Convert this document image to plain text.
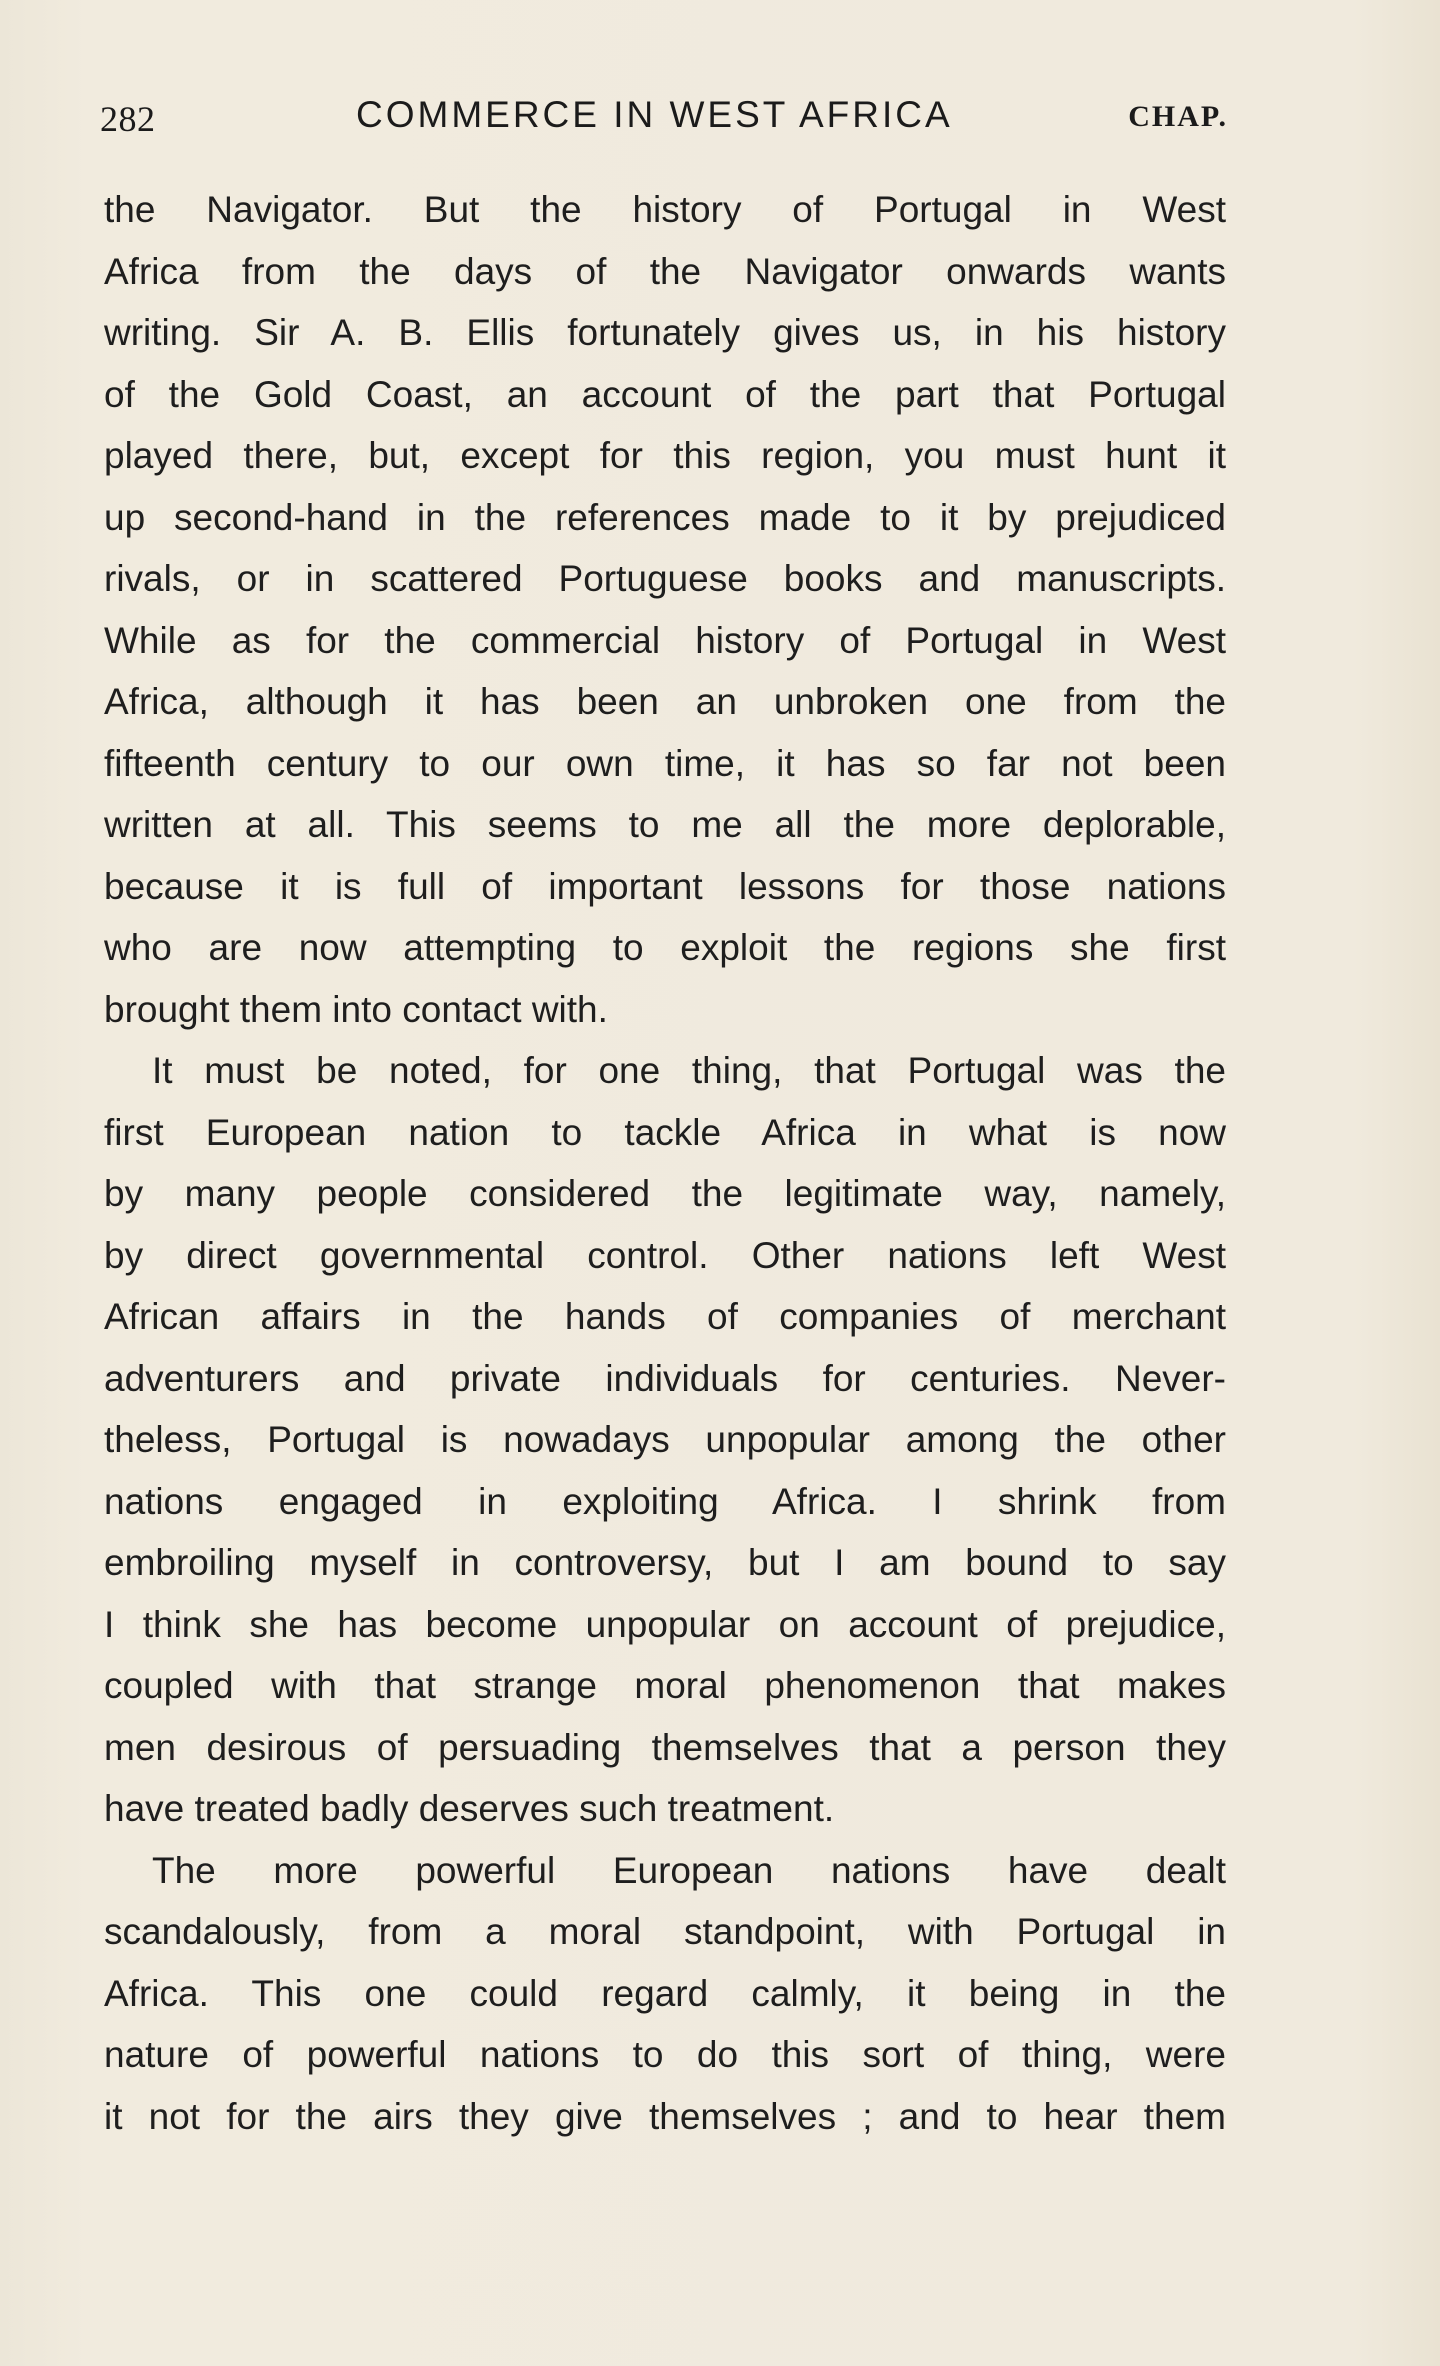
282	COMMERCE IN WEST AFRICA	CHAP.

the Navigator. But the history of Portugal in West
Africa from the days of the Navigator onwards wants
writing. Sir A. B. Ellis fortunately gives us, in his history
of the Gold Coast, an account of the part that Portugal
played there, but, except for this region, you must hunt it
up second-hand in the references made to it by prejudiced
rivals, or in scattered Portuguese books and manuscripts.
While as for the commercial history of Portugal in West
Africa, although it has been an unbroken one from the
fifteenth century to our own time, it has so far not been
written at all. This seems to me all the more deplorable,
because it is full of important lessons for those nations
who are now attempting to exploit the regions she first
brought them into contact with.

It must be noted, for one thing, that Portugal was the
first European nation to tackle Africa in what is now
by many people considered the legitimate way, namely,
by direct governmental control. Other nations left West
African affairs in the hands of companies of merchant
adventurers and private individuals for centuries. Never-
theless, Portugal is nowadays unpopular among the other
nations engaged in exploiting Africa. I shrink from
embroiling myself in controversy, but I am bound to say
I think she has become unpopular on account of prejudice,
coupled with that strange moral phenomenon that makes
men desirous of persuading themselves that a person they
have treated badly deserves such treatment.

The more powerful European nations have dealt
scandalously, from a moral standpoint, with Portugal in
Africa. This one could regard calmly, it being in the
nature of powerful nations to do this sort of thing, were
it not for the airs they give themselves ; and to hear them
